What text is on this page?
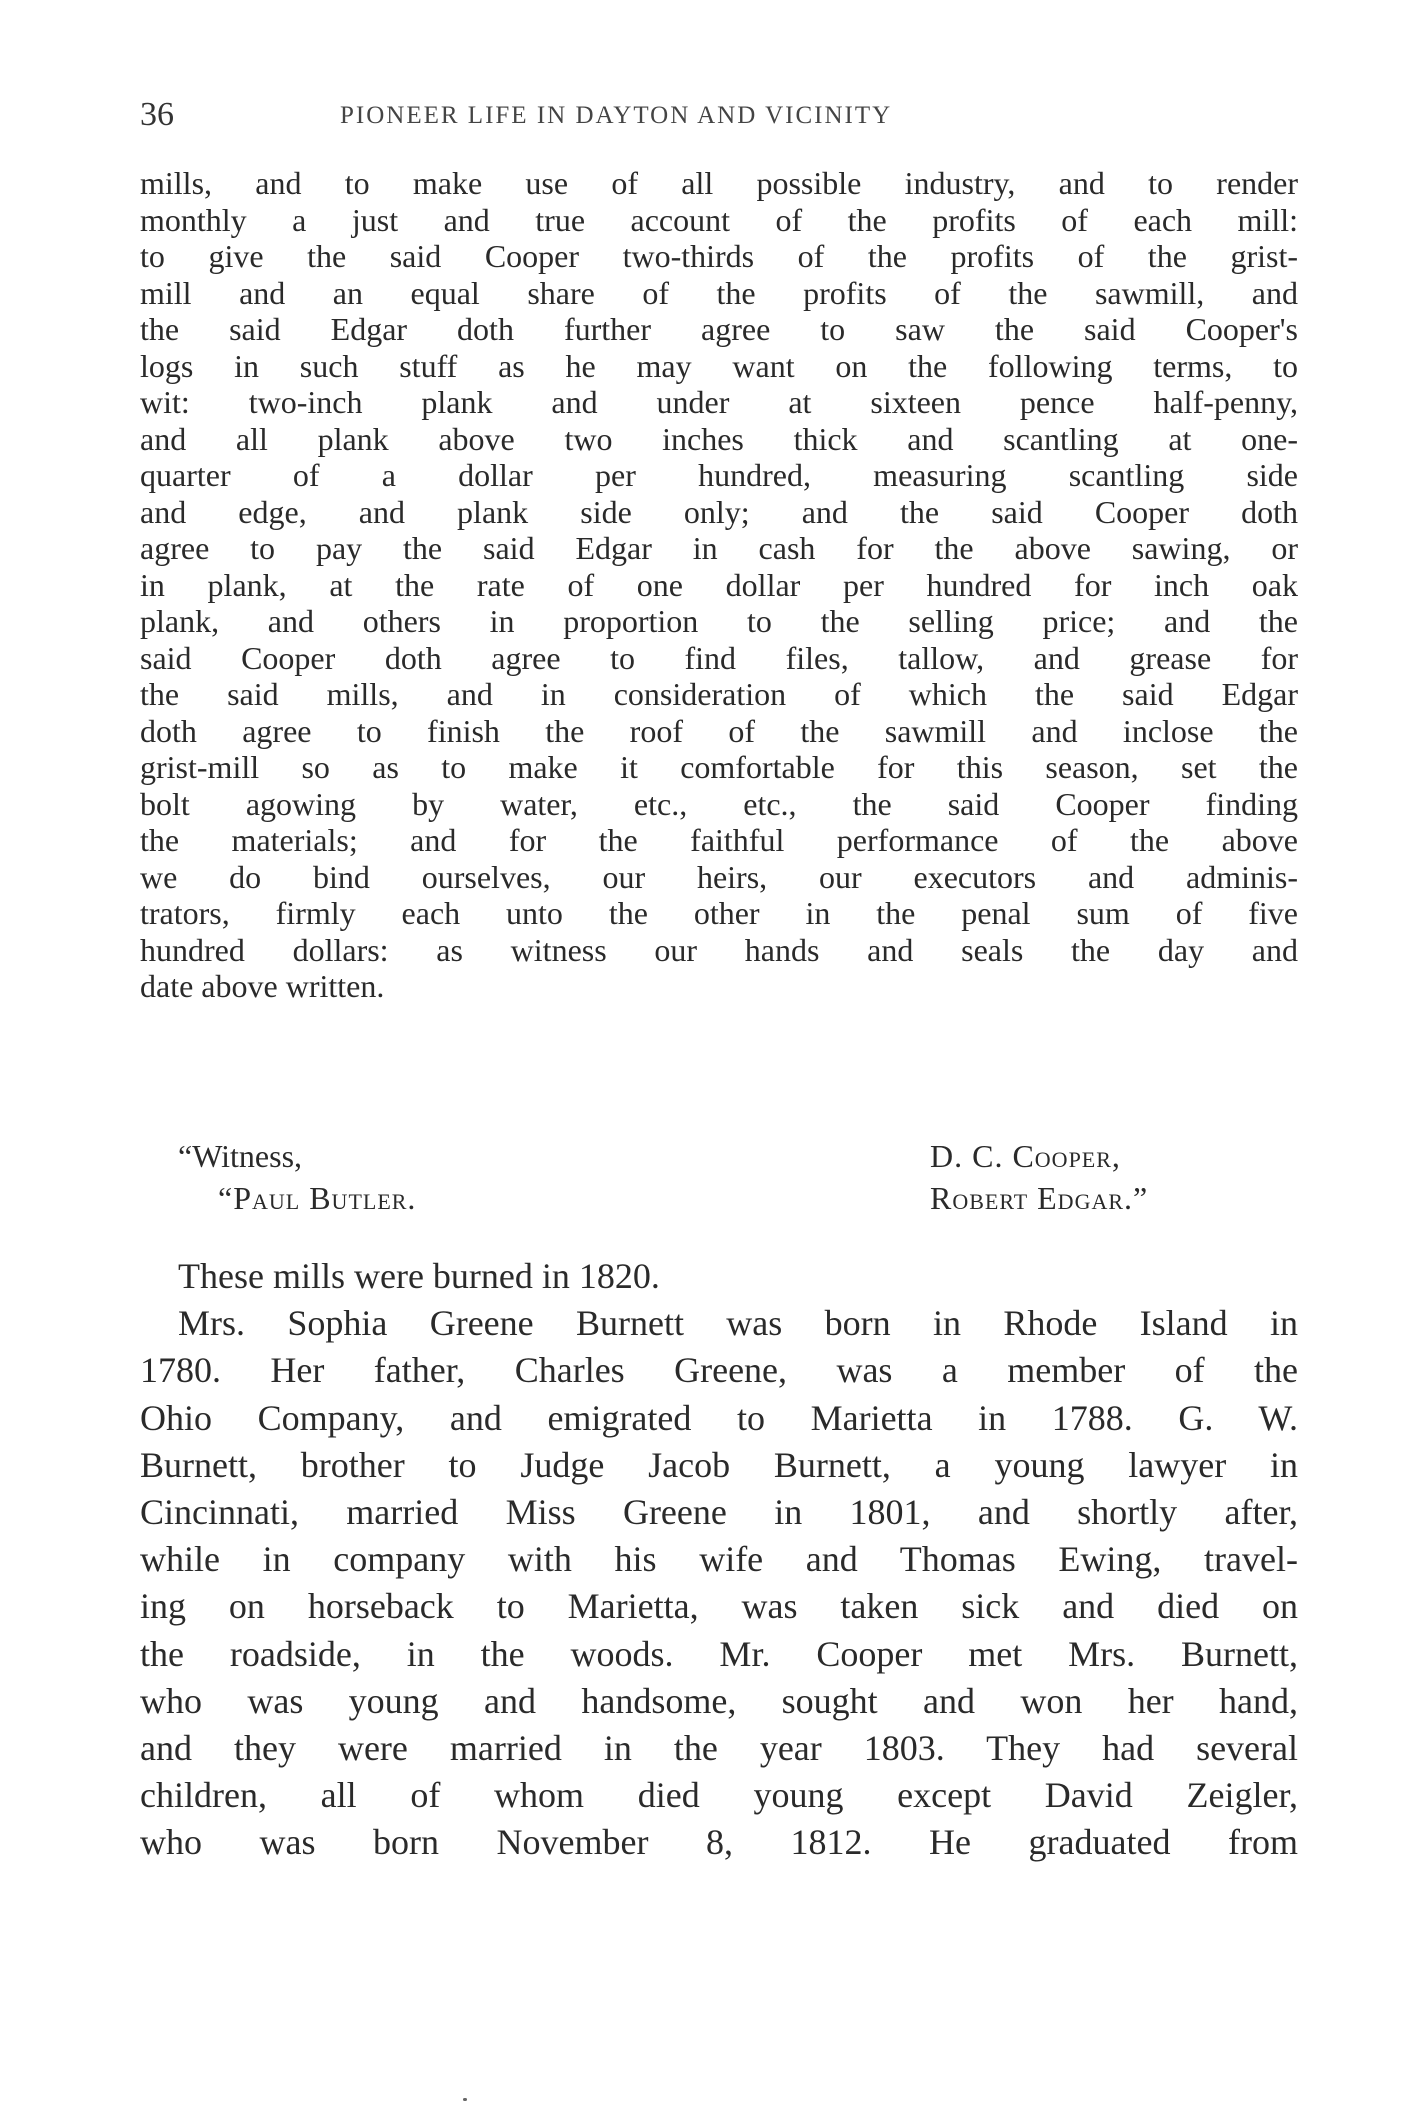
36	PIONEER LIFE IN DAYTON AND VICINITY
mills, and to make use of all possible industry, and to render
monthly a just and true account of the profits of each mill:
to give the said Cooper two-thirds of the profits of the grist-
mill and an equal share of the profits of the sawmill, and
the said Edgar doth further agree to saw the said Cooper's
logs in such stuff as he may want on the following terms, to
wit: two-inch plank and under at sixteen pence half-penny,
and all plank above two inches thick and scantling at one-
quarter of a dollar per hundred, measuring scantling side
and edge, and plank side only; and the said Cooper doth
agree to pay the said Edgar in cash for the above sawing, or
in plank, at the rate of one dollar per hundred for inch oak
plank, and others in proportion to the selling price; and the
said Cooper doth agree to find files, tallow, and grease for
the said mills, and in consideration of which the said Edgar
doth agree to finish the roof of the sawmill and inclose the
grist-mill so as to make it comfortable for this season, set the
bolt agowing by water, etc., etc., the said Cooper finding
the materials; and for the faithful performance of the above
we do bind ourselves, our heirs, our executors and adminis-
trators, firmly each unto the other in the penal sum of five
hundred dollars: as witness our hands and seals the day and
date above written.
“Witness,
“Paul Butler.
D. C. Cooper,
Robert Edgar.”
These mills were burned in 1820.
Mrs. Sophia Greene Burnett was born in Rhode Island in
1780. Her father, Charles Greene, was a member of the
Ohio Company, and emigrated to Marietta in 1788. G. W.
Burnett, brother to Judge Jacob Burnett, a young lawyer in
Cincinnati, married Miss Greene in 1801, and shortly after,
while in company with his wife and Thomas Ewing, travel-
ing on horseback to Marietta, was taken sick and died on
the roadside, in the woods. Mr. Cooper met Mrs. Burnett,
who was young and handsome, sought and won her hand,
and they were married in the year 1803. They had several
children, all of whom died young except David Zeigler,
who was born November 8, 1812. He graduated from
